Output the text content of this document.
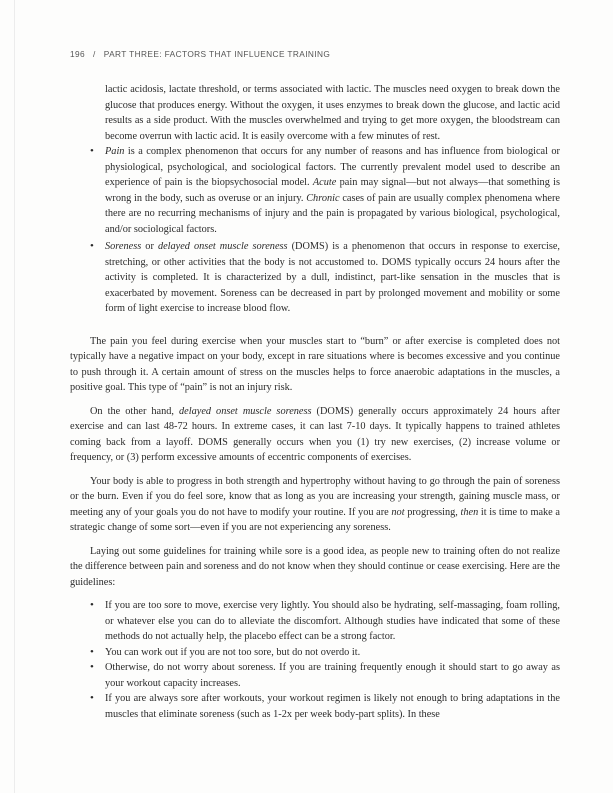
196 / PART THREE: FACTORS THAT INFLUENCE TRAINING

lactic acidosis, lactate threshold, or terms associated with lactic. The muscles need oxygen to break down the glucose that produces energy. Without the oxygen, it uses enzymes to break down the glucose, and lactic acid results as a side product. With the muscles overwhelmed and trying to get more oxygen, the bloodstream can become overrun with lactic acid. It is easily overcome with a few minutes of rest.

• Pain is a complex phenomenon that occurs for any number of reasons and has influence from biological or physiological, psychological, and sociological factors. The currently prevalent model used to describe an experience of pain is the biopsychosocial model. Acute pain may signal—but not always—that something is wrong in the body, such as overuse or an injury. Chronic cases of pain are usually complex phenomena where there are no recurring mechanisms of injury and the pain is propagated by various biological, psychological, and/or sociological factors.
• Soreness or delayed onset muscle soreness (DOMS) is a phenomenon that occurs in response to exercise, stretching, or other activities that the body is not accustomed to. DOMS typically occurs 24 hours after the activity is completed. It is characterized by a dull, indistinct, part-like sensation in the muscles that is exacerbated by movement. Soreness can be decreased in part by prolonged movement and mobility or some form of light exercise to increase blood flow.

The pain you feel during exercise when your muscles start to “burn” or after exercise is completed does not typically have a negative impact on your body, except in rare situations where is becomes excessive and you continue to push through it. A certain amount of stress on the muscles helps to force anaerobic adaptations in the muscles, a positive goal. This type of “pain” is not an injury risk.

On the other hand, delayed onset muscle soreness (DOMS) generally occurs approximately 24 hours after exercise and can last 48-72 hours. In extreme cases, it can last 7-10 days. It typically happens to trained athletes coming back from a layoff. DOMS generally occurs when you (1) try new exercises, (2) increase volume or frequency, or (3) perform excessive amounts of eccentric components of exercises.

Your body is able to progress in both strength and hypertrophy without having to go through the pain of soreness or the burn. Even if you do feel sore, know that as long as you are increasing your strength, gaining muscle mass, or meeting any of your goals you do not have to modify your routine. If you are not progressing, then it is time to make a strategic change of some sort—even if you are not experiencing any soreness.

Laying out some guidelines for training while sore is a good idea, as people new to training often do not realize the difference between pain and soreness and do not know when they should continue or cease exercising. Here are the guidelines:

• If you are too sore to move, exercise very lightly. You should also be hydrating, self-massaging, foam rolling, or whatever else you can do to alleviate the discomfort. Although studies have indicated that some of these methods do not actually help, the placebo effect can be a strong factor.
• You can work out if you are not too sore, but do not overdo it.
• Otherwise, do not worry about soreness. If you are training frequently enough it should start to go away as your workout capacity increases.
• If you are always sore after workouts, your workout regimen is likely not enough to bring adaptations in the muscles that eliminate soreness (such as 1-2x per week body-part splits). In these
